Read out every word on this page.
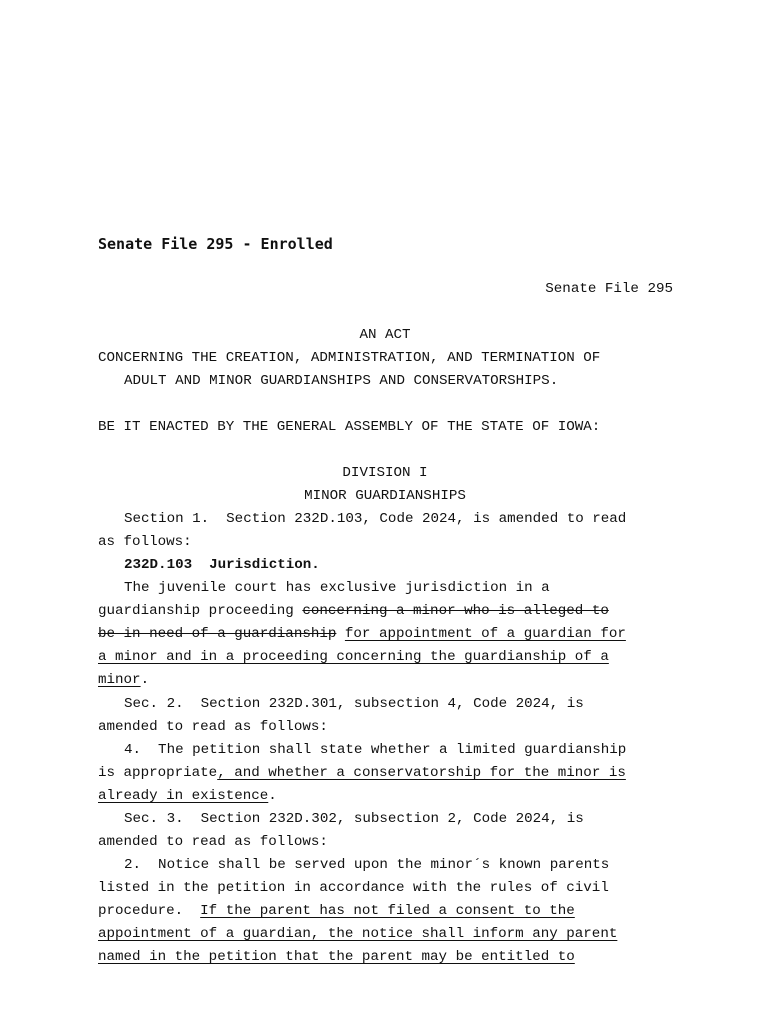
Senate File 295 - Enrolled
Senate File 295
AN ACT
CONCERNING THE CREATION, ADMINISTRATION, AND TERMINATION OF
ADULT AND MINOR GUARDIANSHIPS AND CONSERVATORSHIPS.
BE IT ENACTED BY THE GENERAL ASSEMBLY OF THE STATE OF IOWA:
DIVISION I
MINOR GUARDIANSHIPS
Section 1.  Section 232D.103, Code 2024, is amended to read
as follows:
232D.103  Jurisdiction.
The juvenile court has exclusive jurisdiction in a
guardianship proceeding concerning a minor who is alleged to
be in need of a guardianship for appointment of a guardian for
a minor and in a proceeding concerning the guardianship of a
minor.
Sec. 2.  Section 232D.301, subsection 4, Code 2024, is
amended to read as follows:
4.  The petition shall state whether a limited guardianship
is appropriate, and whether a conservatorship for the minor is
already in existence.
Sec. 3.  Section 232D.302, subsection 2, Code 2024, is
amended to read as follows:
2.  Notice shall be served upon the minor´s known parents
listed in the petition in accordance with the rules of civil
procedure.  If the parent has not filed a consent to the
appointment of a guardian, the notice shall inform any parent
named in the petition that the parent may be entitled to
